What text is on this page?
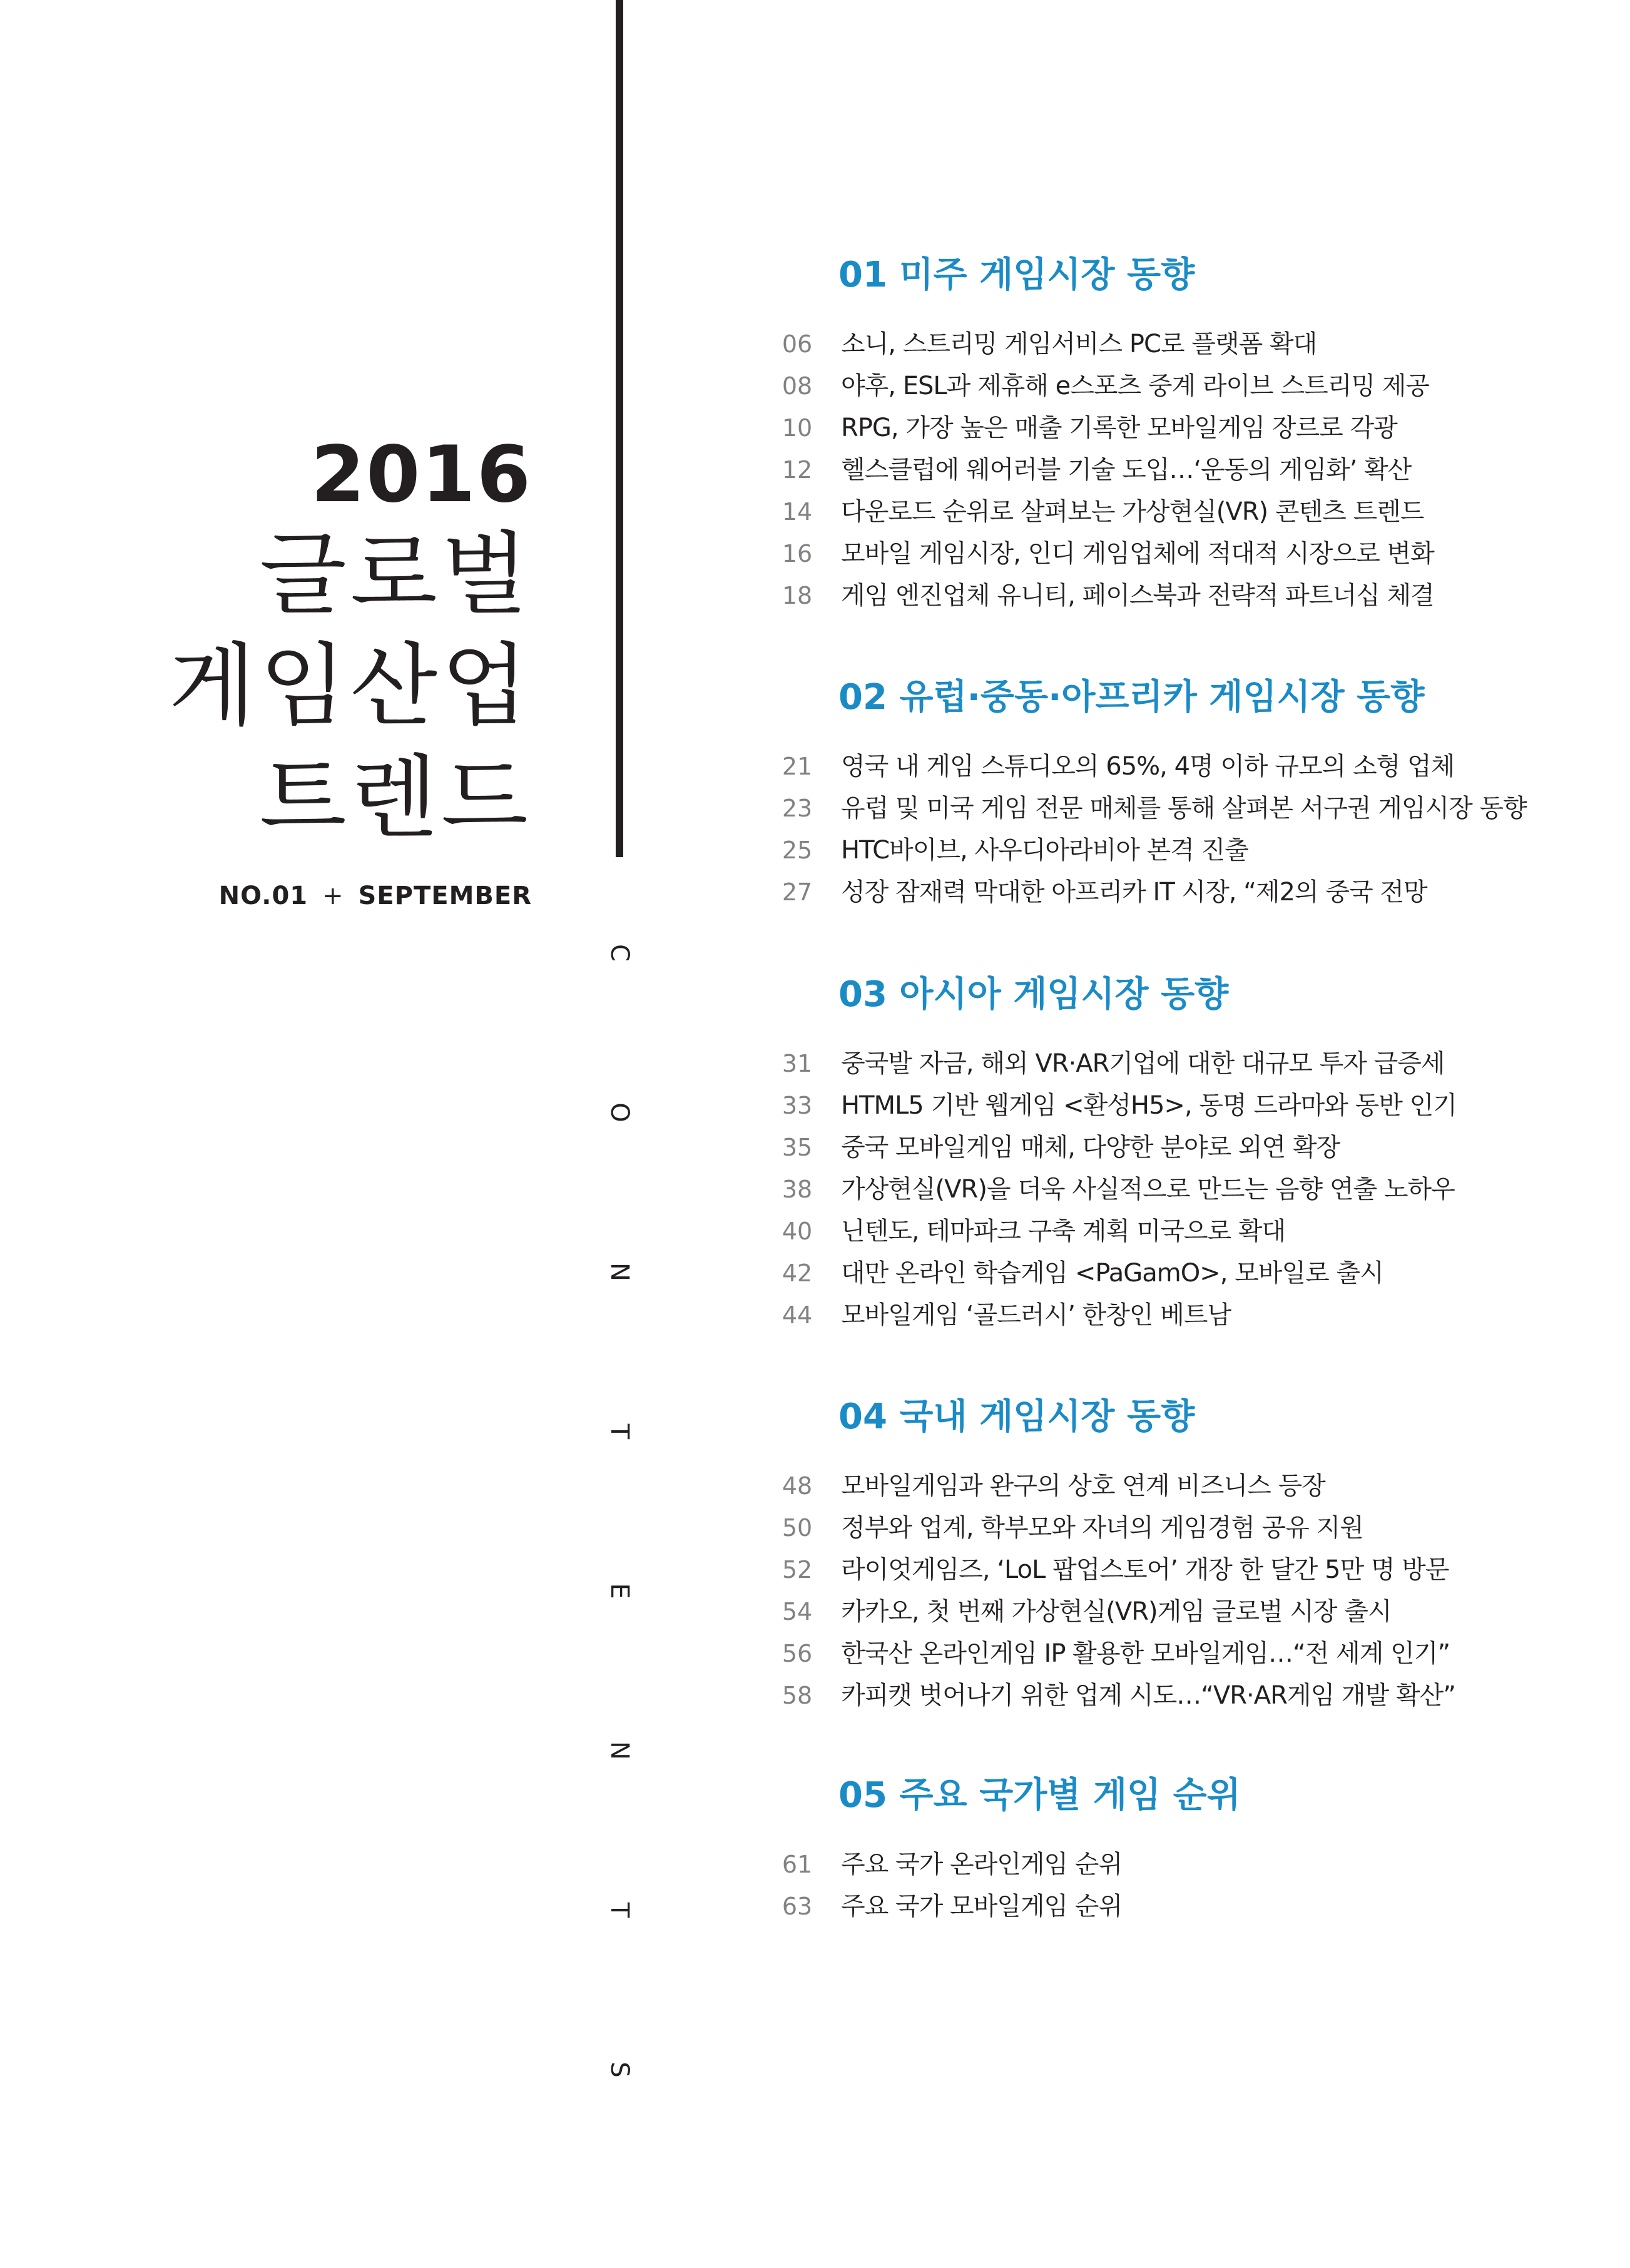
2016
글로벌
게임산업
트렌드
NO.01 + SEPTEMBER
C
O
N
T
E
N
T
S
01 미주 게임시장 동향
06 소니, 스트리밍 게임서비스 PC로 플랫폼 확대
08 야후, ESL과 제휴해 e스포츠 중계 라이브 스트리밍 제공
10 RPG, 가장 높은 매출 기록한 모바일게임 장르로 각광
12 헬스클럽에 웨어러블 기술 도입…‘운동의 게임화’ 확산
14 다운로드 순위로 살펴보는 가상현실(VR) 콘텐츠 트렌드
16 모바일 게임시장, 인디 게임업체에 적대적 시장으로 변화
18 게임 엔진업체 유니티, 페이스북과 전략적 파트너십 체결
02 유럽·중동·아프리카 게임시장 동향
21 영국 내 게임 스튜디오의 65%, 4명 이하 규모의 소형 업체
23 유럽 및 미국 게임 전문 매체를 통해 살펴본 서구권 게임시장 동향
25 HTC바이브, 사우디아라비아 본격 진출
27 성장 잠재력 막대한 아프리카 IT 시장, “제2의 중국 전망
03 아시아 게임시장 동향
31 중국발 자금, 해외 VR·AR기업에 대한 대규모 투자 급증세
33 HTML5 기반 웹게임 <환성H5>, 동명 드라마와 동반 인기
35 중국 모바일게임 매체, 다양한 분야로 외연 확장
38 가상현실(VR)을 더욱 사실적으로 만드는 음향 연출 노하우
40 닌텐도, 테마파크 구축 계획 미국으로 확대
42 대만 온라인 학습게임 <PaGamO>, 모바일로 출시
44 모바일게임 ‘골드러시’ 한창인 베트남
04 국내 게임시장 동향
48 모바일게임과 완구의 상호 연계 비즈니스 등장
50 정부와 업계, 학부모와 자녀의 게임경험 공유 지원
52 라이엇게임즈, ‘LoL 팝업스토어’ 개장 한 달간 5만 명 방문
54 카카오, 첫 번째 가상현실(VR)게임 글로벌 시장 출시
56 한국산 온라인게임 IP 활용한 모바일게임…“전 세계 인기”
58 카피캣 벗어나기 위한 업계 시도…“VR·AR게임 개발 확산”
05 주요 국가별 게임 순위
61 주요 국가 온라인게임 순위
63 주요 국가 모바일게임 순위
